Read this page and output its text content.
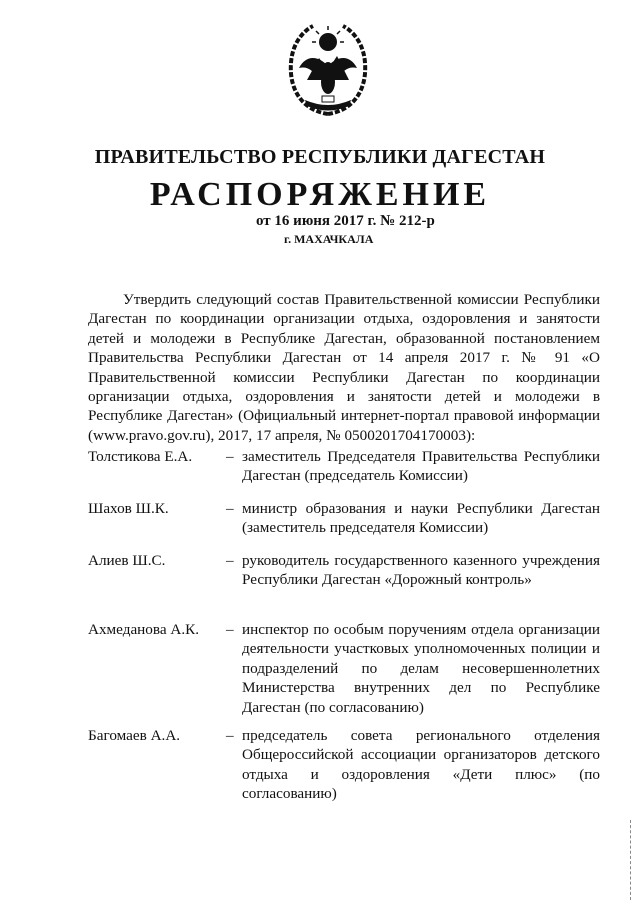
ПРАВИТЕЛЬСТВО РЕСПУБЛИКИ ДАГЕСТАН
РАСПОРЯЖЕНИЕ
от 16 июня 2017 г. № 212-р
г. МАХАЧКАЛА
Утвердить следующий состав Правительственной комиссии Республики Дагестан по координации организации отдыха, оздоровления и занятости детей и молодежи в Республике Дагестан, образованной постановлением Правительства Республики Дагестан от 14 апреля 2017 г. № 91 «О Правительственной комиссии Республики Дагестан по координации организации отдыха, оздоровления и занятости детей и молодежи в Республике Дагестан» (Официальный интернет-портал правовой информации (www.pravo.gov.ru), 2017, 17 апреля, № 0500201704170003):
Толстикова Е.А.	– заместитель Председателя Правительства Республики Дагестан (председатель Комиссии)
Шахов Ш.К.	– министр образования и науки Республики Дагестан (заместитель председателя Комиссии)
Алиев Ш.С.	– руководитель государственного казенного учреждения Республики Дагестан «Дорожный контроль»
Ахмеданова А.К.	– инспектор по особым поручениям отдела организации деятельности участковых уполномоченных полиции и подразделений по делам несовершеннолетних Министерства внутренних дел по Республике Дагестан (по согласованию)
Багомаев А.А.	– председатель совета регионального отделения Общероссийской ассоциации организаторов детского отдыха и оздоровления «Дети плюс» (по согласованию)
